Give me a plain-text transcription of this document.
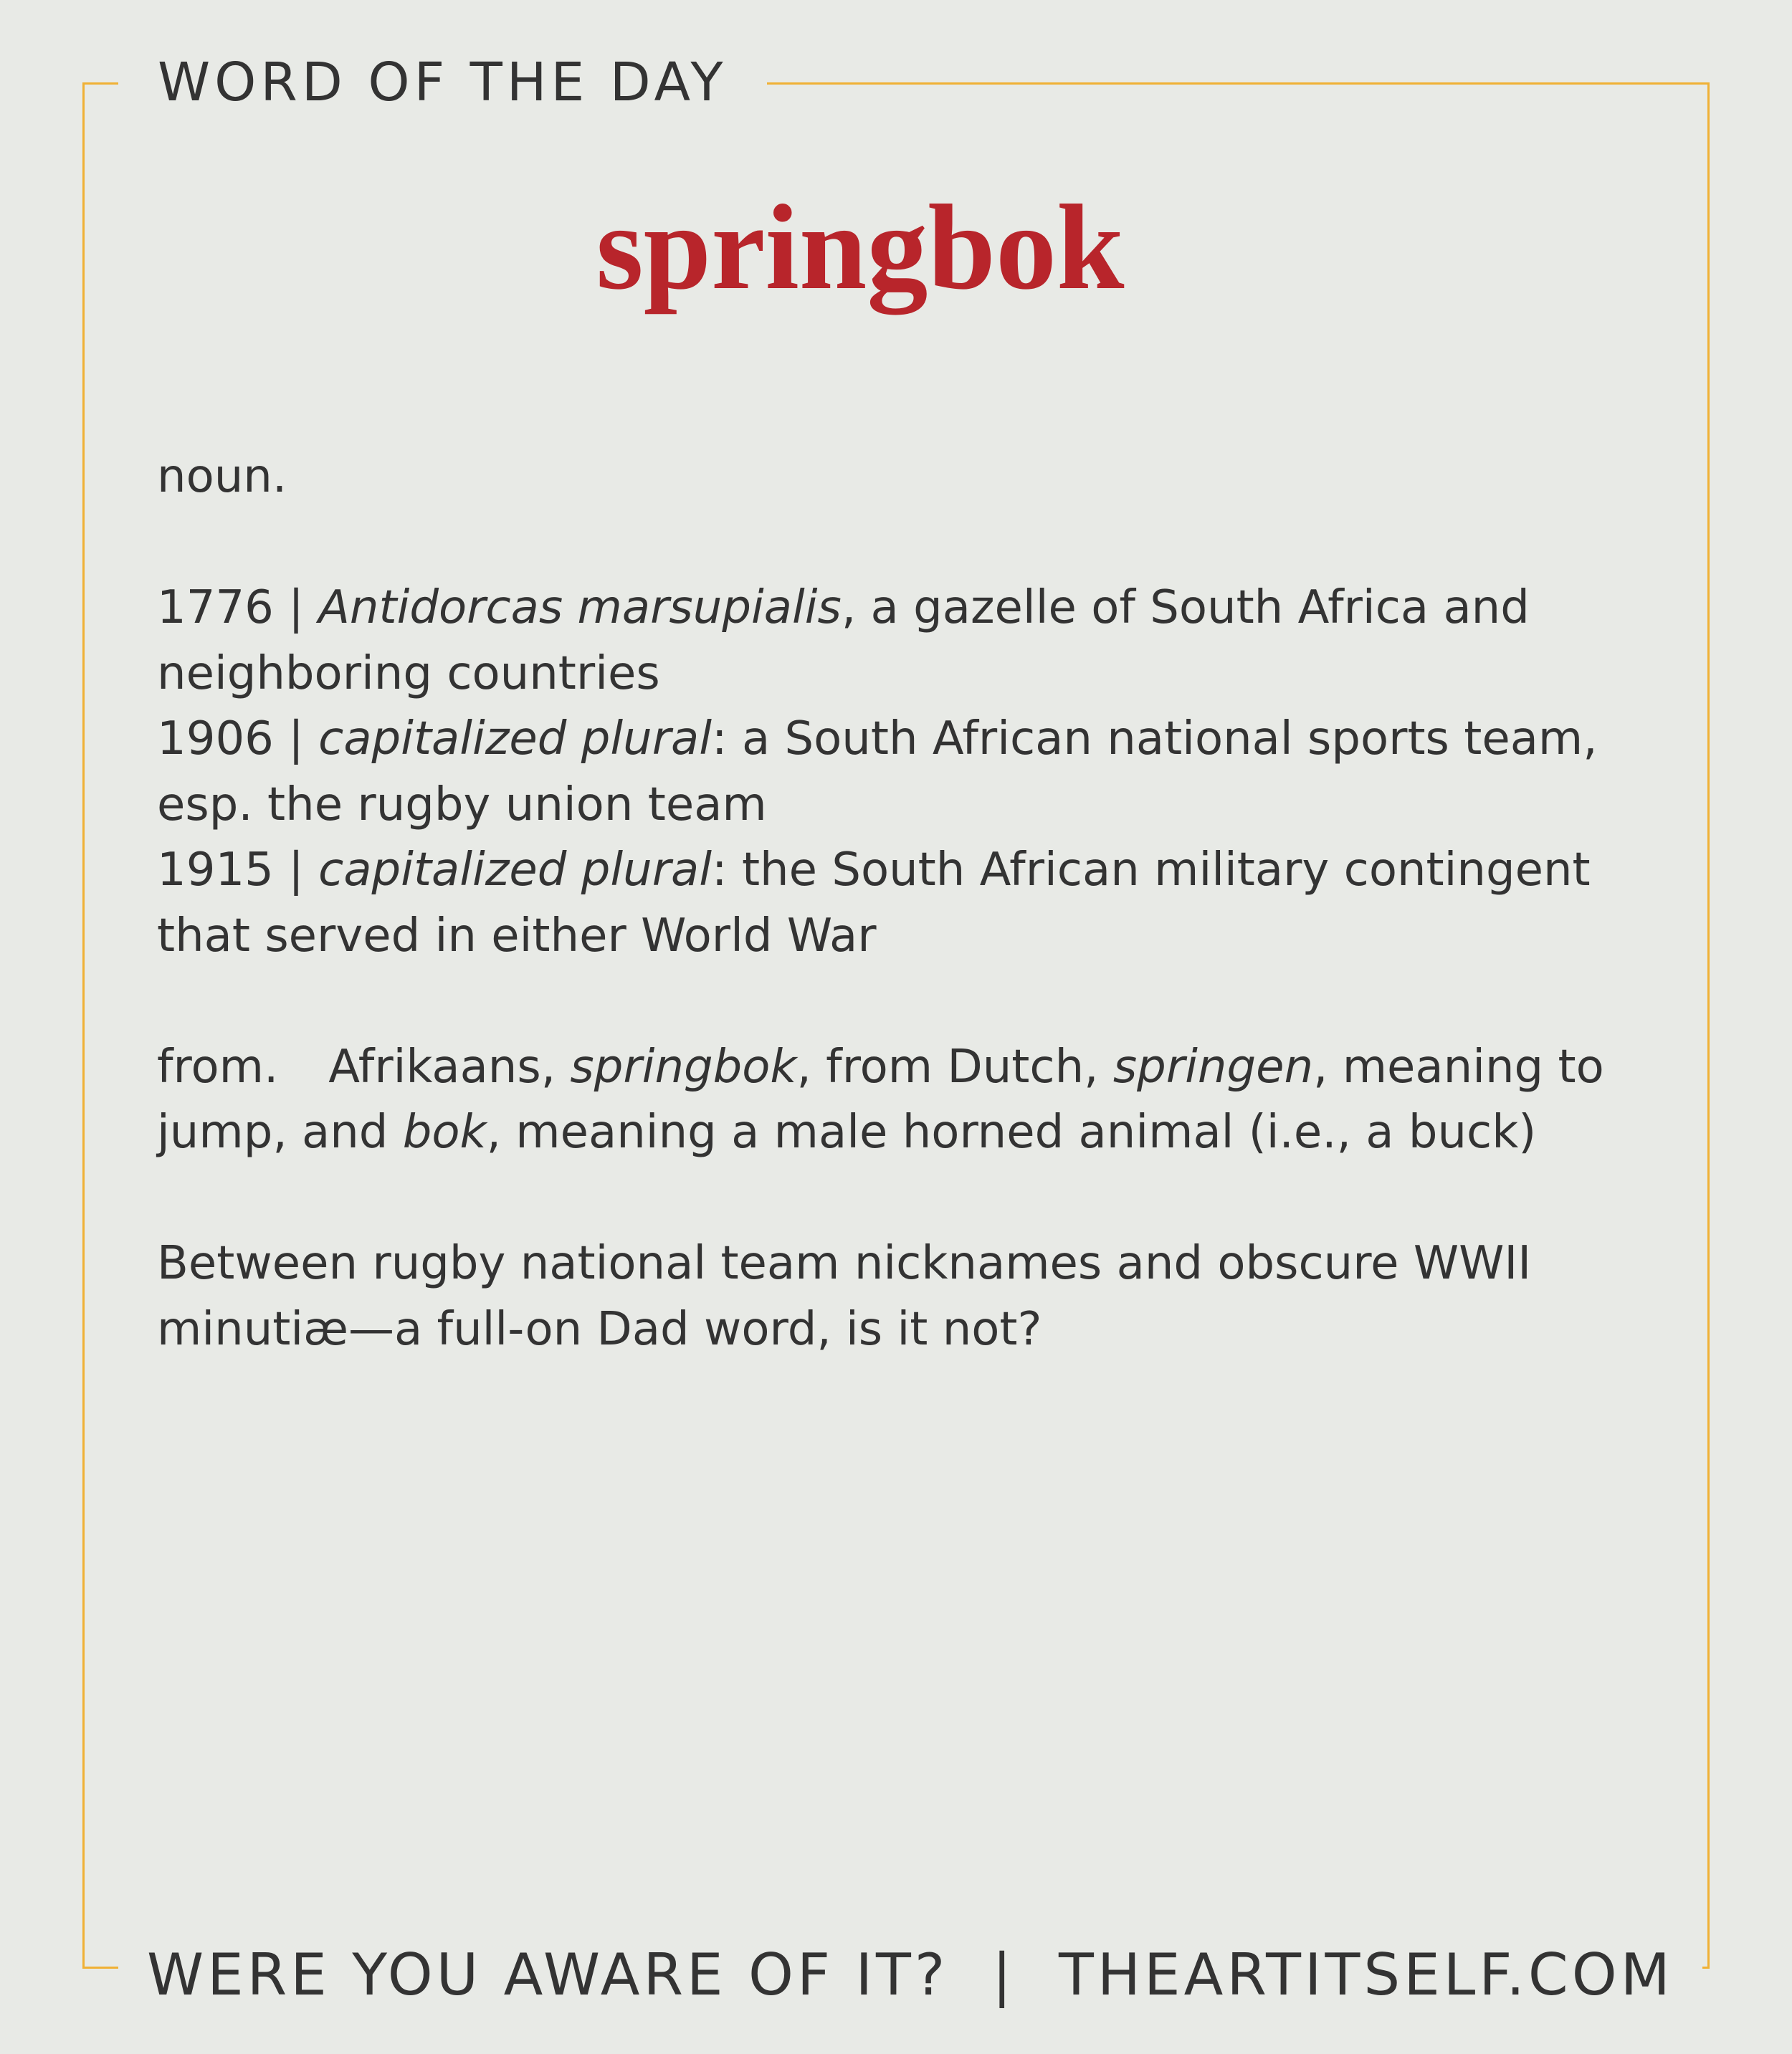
WORD OF THE DAY
springbok

noun.

1776 | Antidorcas marsupialis, a gazelle of South Africa and neighboring countries

1906 | capitalized plural: a South African national sports team, esp. the rugby union team

1915 | capitalized plural: the South African military contingent that served in either World War

from. Afrikaans, springbok, from Dutch, springen, meaning to jump, and bok, meaning a male horned animal (i.e., a buck)

Between rugby national team nicknames and obscure WWII minutiæ—a full-on Dad word, is it not?

WERE YOU AWARE OF IT? | THEARTITSELF.COM
